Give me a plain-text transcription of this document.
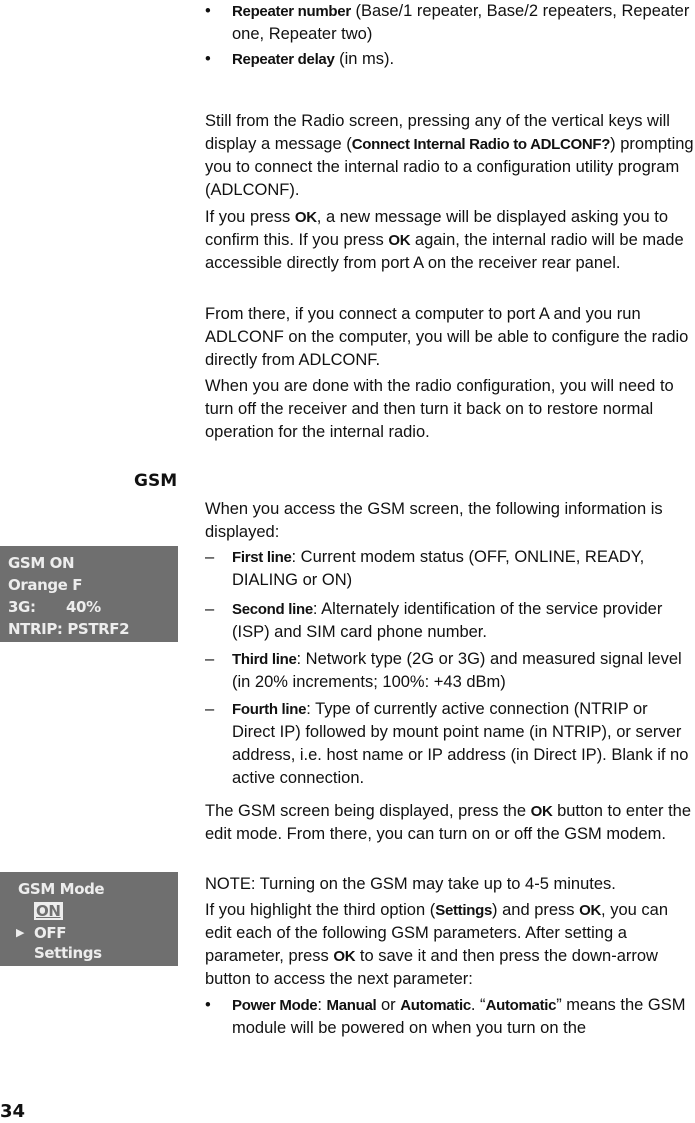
• Repeater number (Base/1 repeater, Base/2 repeaters, Repeater one, Repeater two)
• Repeater delay (in ms).

Still from the Radio screen, pressing any of the vertical keys will display a message (Connect Internal Radio to ADLCONF?) prompting you to connect the internal radio to a configuration utility program (ADLCONF).

If you press OK, a new message will be displayed asking you to confirm this. If you press OK again, the internal radio will be made accessible directly from port A on the receiver rear panel.

From there, if you connect a computer to port A and you run ADLCONF on the computer, you will be able to configure the radio directly from ADLCONF.

When you are done with the radio configuration, you will need to turn off the receiver and then turn it back on to restore normal operation for the internal radio.

GSM

When you access the GSM screen, the following information is displayed:

GSM ON
Orange F
3G: 40%
NTRIP: PSTRF2
– First line: Current modem status (OFF, ONLINE, READY, DIALING or ON)
– Second line: Alternately identification of the service provider (ISP) and SIM card phone number.
– Third line: Network type (2G or 3G) and measured signal level (in 20% increments; 100%: +43 dBm)
– Fourth line: Type of currently active connection (NTRIP or Direct IP) followed by mount point name (in NTRIP), or server address, i.e. host name or IP address (in Direct IP). Blank if no active connection.

The GSM screen being displayed, press the OK button to enter the edit mode. From there, you can turn on or off the GSM modem.

GSM Mode
ON
▶ OFF
Settings

NOTE: Turning on the GSM may take up to 4-5 minutes.

If you highlight the third option (Settings) and press OK, you can edit each of the following GSM parameters. After setting a parameter, press OK to save it and then press the down-arrow button to access the next parameter:

• Power Mode: Manual or Automatic. “Automatic” means the GSM module will be powered on when you turn on the
34
